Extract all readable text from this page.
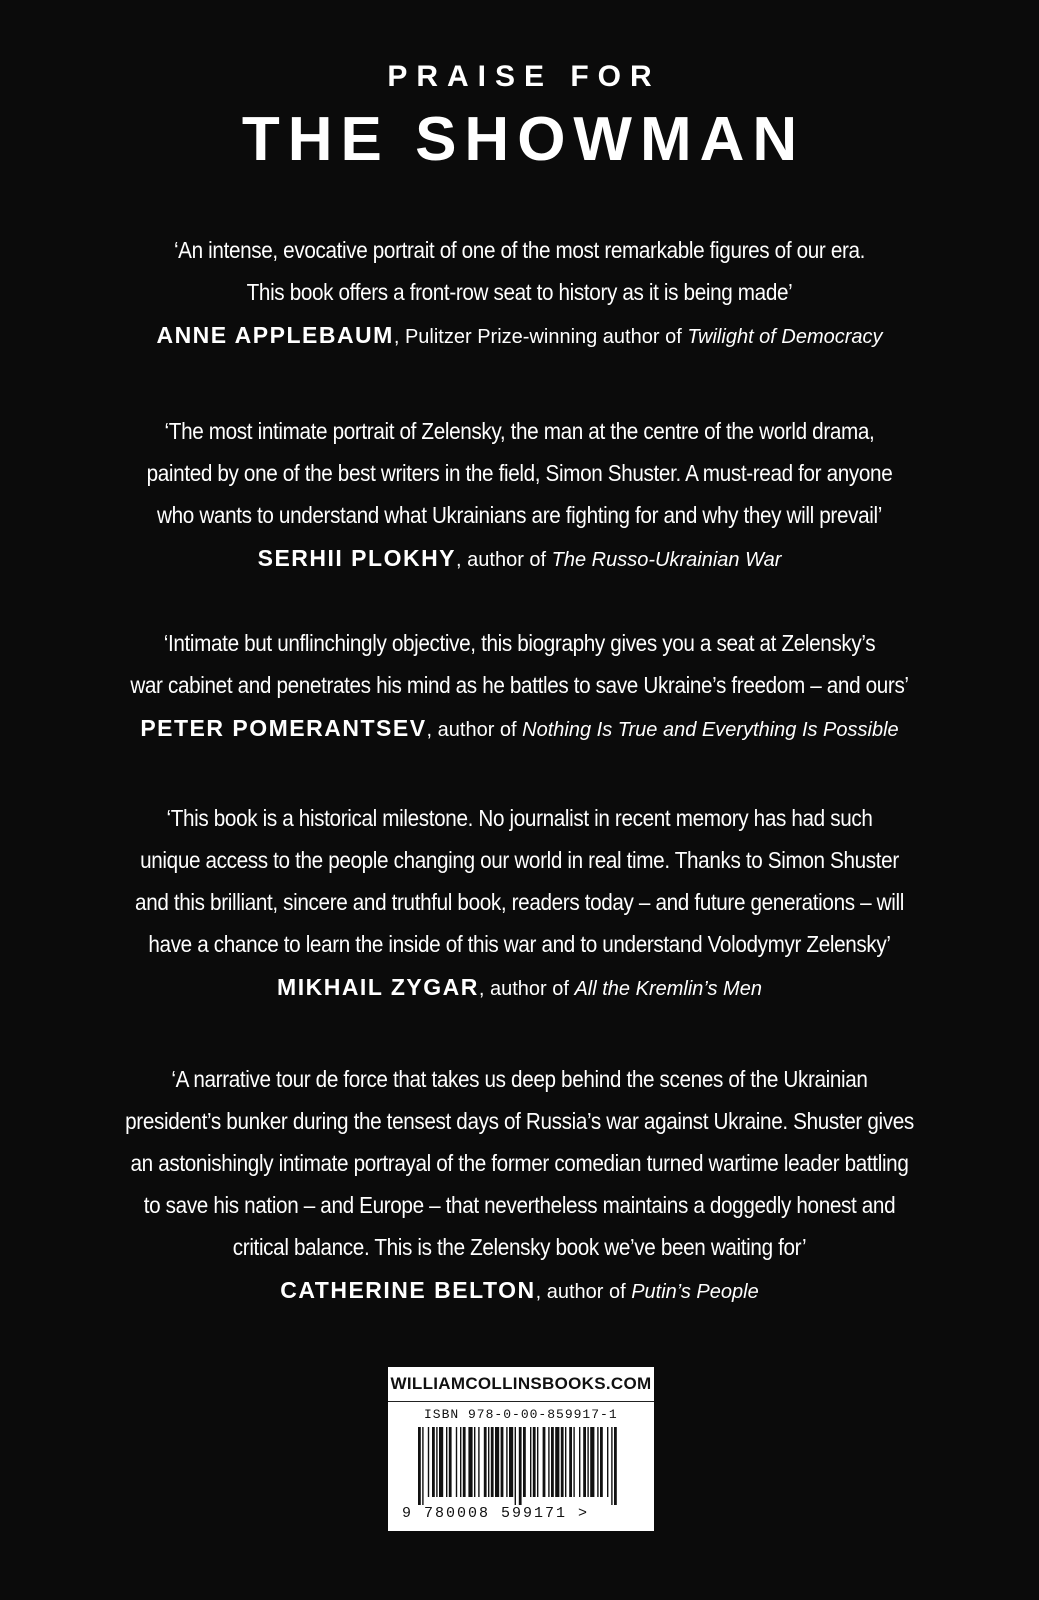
PRAISE FOR
THE SHOWMAN
‘An intense, evocative portrait of one of the most remarkable figures of our era.
This book offers a front-row seat to history as it is being made’
ANNE APPLEBAUM, Pulitzer Prize-winning author of Twilight of Democracy
‘The most intimate portrait of Zelensky, the man at the centre of the world drama,
painted by one of the best writers in the field, Simon Shuster. A must-read for anyone
who wants to understand what Ukrainians are fighting for and why they will prevail’
SERHII PLOKHY, author of The Russo-Ukrainian War
‘Intimate but unflinchingly objective, this biography gives you a seat at Zelensky’s
war cabinet and penetrates his mind as he battles to save Ukraine’s freedom – and ours’
PETER POMERANTSEV, author of Nothing Is True and Everything Is Possible
‘This book is a historical milestone. No journalist in recent memory has had such
unique access to the people changing our world in real time. Thanks to Simon Shuster
and this brilliant, sincere and truthful book, readers today – and future generations – will
have a chance to learn the inside of this war and to understand Volodymyr Zelensky’
MIKHAIL ZYGAR, author of All the Kremlin’s Men
‘A narrative tour de force that takes us deep behind the scenes of the Ukrainian
president’s bunker during the tensest days of Russia’s war against Ukraine. Shuster gives
an astonishingly intimate portrayal of the former comedian turned wartime leader battling
to save his nation – and Europe – that nevertheless maintains a doggedly honest and
critical balance. This is the Zelensky book we’ve been waiting for’
CATHERINE BELTON, author of Putin’s People
WILLIAMCOLLINSBOOKS.COM
ISBN 978-0-00-859917-1
9 780008 599171 >
